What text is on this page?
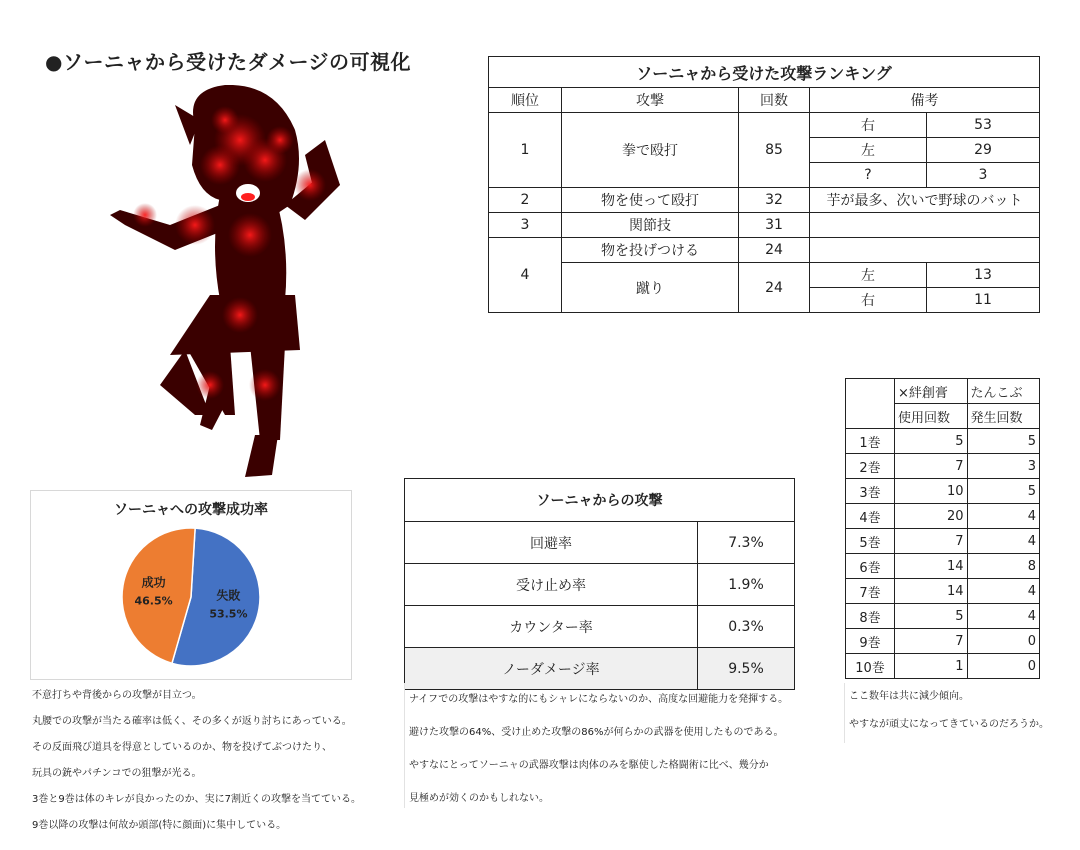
●ソーニャから受けたダメージの可視化	ソーニャから受けた攻撃ランキング				
順位	攻撃	回数	備考	
1	拳で殴打	85	右	53
			左	29
			?	3
2	物を使って殴打	32	芋が最多、次いで野球のバット	
3	関節技	31		
4	物を投げつける	24		
	蹴り	24	左	13
			右	11
	×絆創膏	たんこぶ
	使用回数	発生回数
1巻	5	5
2巻	7	3
3巻	10	5
4巻	20	4
5巻	7	4
6巻	14	8
7巻	14	4
8巻	5	4
9巻	7	0
10巻	1	0
ソーニャへの攻撃成功率
失敗
53.5%
成功
46.5%
ソーニャからの攻撃	
回避率	7.3%
受け止め率	1.9%
カウンター率	0.3%
ノーダメージ率	9.5%
不意打ちや背後からの攻撃が目立つ。
丸腰での攻撃が当たる確率は低く、その多くが返り討ちにあっている。
その反面飛び道具を得意としているのか、物を投げてぶつけたり、
玩具の銃やパチンコでの狙撃が光る。
3巻と9巻は体のキレが良かったのか、実に7割近くの攻撃を当てている。
9巻以降の攻撃は何故か頭部(特に顔面)に集中している。
ナイフでの攻撃はやすな的にもシャレにならないのか、高度な回避能力を発揮する。
避けた攻撃の64%、受け止めた攻撃の86%が何らかの武器を使用したものである。
やすなにとってソーニャの武器攻撃は肉体のみを駆使した格闘術に比べ、幾分か
見極めが効くのかもしれない。
ここ数年は共に減少傾向。
やすなが頑丈になってきているのだろうか。
